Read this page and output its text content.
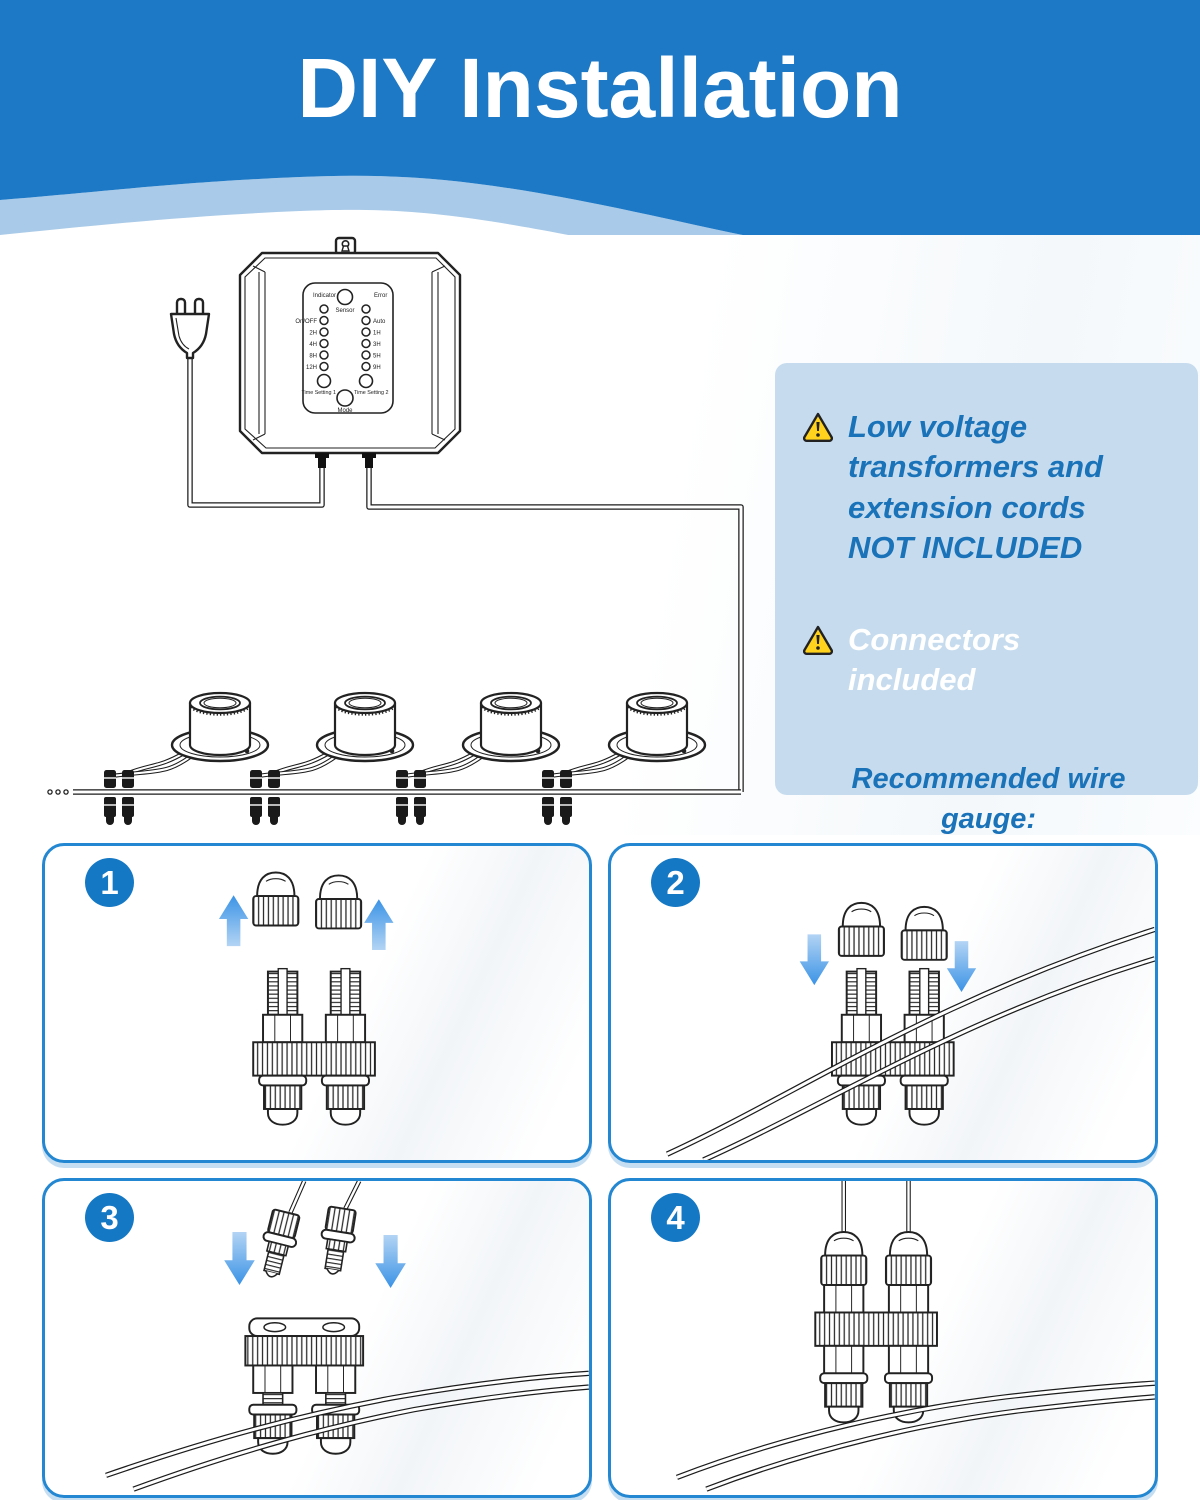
DIY Installation
Indicator
Sensor
Error
On/OFF
2H
4H
8H
12H
Auto
1H
3H
5H
9H
Time Setting 1	Time Setting 2
Mode	Low voltage transformers and extension cords NOT INCLUDED
Connectors included
Recommended wire gauge:
1	2
3	4
